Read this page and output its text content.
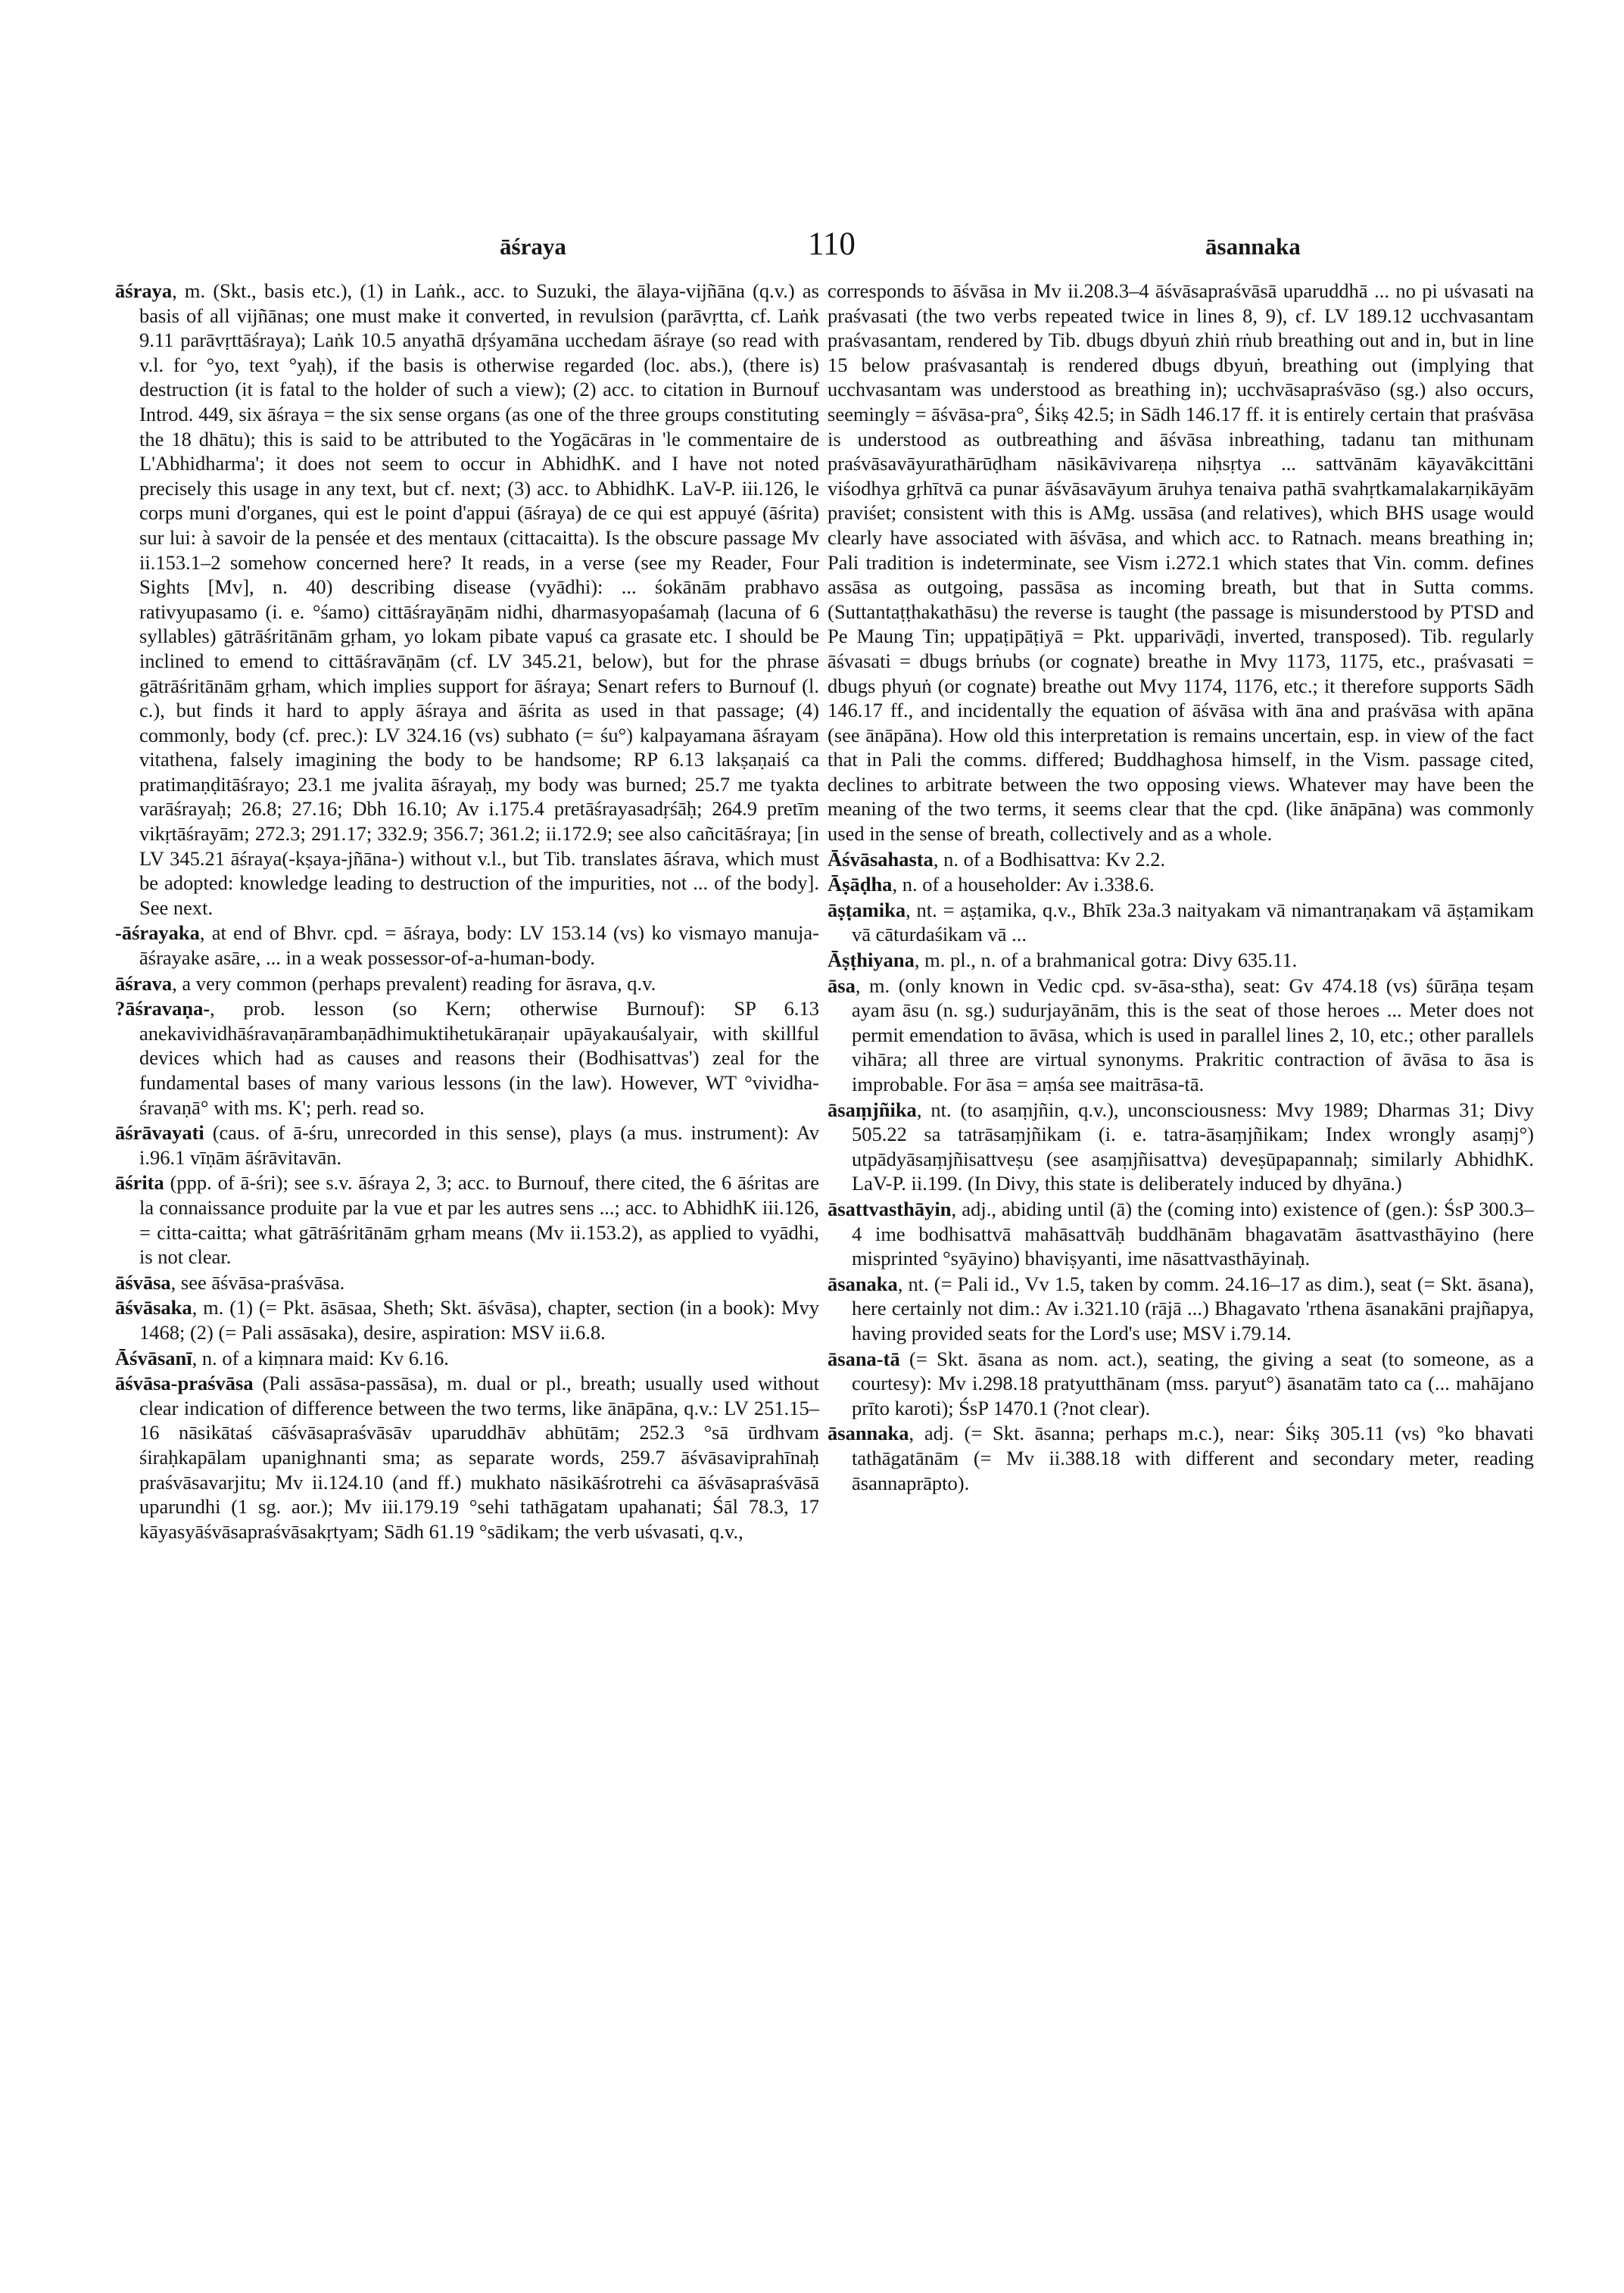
āśraya	110	āsannaka

āśraya, m. (Skt., basis etc.), (1) in Laṅk., acc. to Suzuki, the ālaya-vijñāna (q.v.) as basis of all vijñānas; one must make it converted, in revulsion (parāvṛtta, cf. Laṅk 9.11 parāvṛttāśraya); Laṅk 10.5 anyathā dṛśyamāna ucchedam āśraye (so read with v.l. for °yo, text °yaḥ), if the basis is otherwise regarded (loc. abs.), (there is) destruction (it is fatal to the holder of such a view); (2) acc. to citation in Burnouf Introd. 449, six āśraya = the six sense organs (as one of the three groups constituting the 18 dhātu); this is said to be attributed to the Yogācāras in 'le commentaire de L'Abhidharma'; it does not seem to occur in AbhidhK. and I have not noted precisely this usage in any text, but cf. next; (3) acc. to AbhidhK. LaV-P. iii.126, le corps muni d'organes, qui est le point d'appui (āśraya) de ce qui est appuyé (āśrita) sur lui: à savoir de la pensée et des mentaux (cittacaitta). Is the obscure passage Mv ii.153.1–2 somehow concerned here? It reads, in a verse (see my Reader, Four Sights [Mv], n. 40) describing disease (vyādhi): ... śokānām prabhavo rativyupasamo (i. e. °śamo) cittāśrayāṇām nidhi, dharmasyopaśamaḥ (lacuna of 6 syllables) gātrāśritānām gṛham, yo lokam pibate vapuś ca grasate etc. I should be inclined to emend to cittāśravāṇām (cf. LV 345.21, below), but for the phrase gātrāśritānām gṛham, which implies support for āśraya; Senart refers to Burnouf (l. c.), but finds it hard to apply āśraya and āśrita as used in that passage; (4) commonly, body (cf. prec.): LV 324.16 (vs) subhato (= śu°) kalpayamana āśrayam vitathena, falsely imagining the body to be handsome; RP 6.13 lakṣaṇaiś ca pratimaṇḍitāśrayo; 23.1 me jvalita āśrayaḥ, my body was burned; 25.7 me tyakta varāśrayaḥ; 26.8; 27.16; Dbh 16.10; Av i.175.4 pretāśrayasadṛśāḥ; 264.9 pretīm vikṛtāśrayām; 272.3; 291.17; 332.9; 356.7; 361.2; ii.172.9; see also cañcitāśraya; [in LV 345.21 āśraya(-kṣaya-jñāna-) without v.l., but Tib. translates āśrava, which must be adopted: knowledge leading to destruction of the impurities, not ... of the body]. See next.

-āśrayaka, at end of Bhvr. cpd. = āśraya, body: LV 153.14 (vs) ko vismayo manuja-āśrayake asāre, ... in a weak possessor-of-a-human-body.

āśrava, a very common (perhaps prevalent) reading for āsrava, q.v.

?āśravaṇa-, prob. lesson (so Kern; otherwise Burnouf): SP 6.13 anekavividhāśravaṇārambaṇādhimuktihetukāraṇair upāyakauśalyair, with skillful devices which had as causes and reasons their (Bodhisattvas') zeal for the fundamental bases of many various lessons (in the law). However, WT °vividha-śravaṇā° with ms. K'; perh. read so.

āśrāvayati (caus. of ā-śru, unrecorded in this sense), plays (a mus. instrument): Av i.96.1 vīṇām āśrāvitavān.

āśrita (ppp. of ā-śri); see s.v. āśraya 2, 3; acc. to Burnouf, there cited, the 6 āśritas are la connaissance produite par la vue et par les autres sens ...; acc. to AbhidhK iii.126, = citta-caitta; what gātrāśritānām gṛham means (Mv ii.153.2), as applied to vyādhi, is not clear.

āśvāsa, see āśvāsa-praśvāsa.

āśvāsaka, m. (1) (= Pkt. āsāsaa, Sheth; Skt. āśvāsa), chapter, section (in a book): Mvy 1468; (2) (= Pali assāsaka), desire, aspiration: MSV ii.6.8.

Āśvāsanī, n. of a kiṃnara maid: Kv 6.16.

āśvāsa-praśvāsa (Pali assāsa-passāsa), m. dual or pl., breath; usually used without clear indication of difference between the two terms, like ānāpāna, q.v.: LV 251.15–16 nāsikātaś cāśvāsapraśvāsāv uparuddhāv abhūtām; 252.3 °sā ūrdhvam śiraḥkapālam upanighnanti sma; as separate words, 259.7 āśvāsaviprahīnaḥ praśvāsavarjitu; Mv ii.124.10 (and ff.) mukhato nāsikāśrotrehi ca āśvāsapraśvāsā uparundhi (1 sg. aor.); Mv iii.179.19 °sehi tathāgatam upahanati; Śāl 78.3, 17 kāyasyāśvāsapraśvāsakṛtyam; Sādh 61.19 °sādikam; the verb uśvasati, q.v.,

corresponds to āśvāsa in Mv ii.208.3–4 āśvāsapraśvāsā uparuddhā ... no pi uśvasati na praśvasati (the two verbs repeated twice in lines 8, 9), cf. LV 189.12 ucchvasantam praśvasantam, rendered by Tib. dbugs dbyuṅ zhiṅ rṅub breathing out and in, but in line 15 below praśvasantaḥ is rendered dbugs dbyuṅ, breathing out (implying that ucchvasantam was understood as breathing in); ucchvāsapraśvāso (sg.) also occurs, seemingly = āśvāsa-pra°, Śikṣ 42.5; in Sādh 146.17 ff. it is entirely certain that praśvāsa is understood as outbreathing and āśvāsa inbreathing, tadanu tan mithunam praśvāsavāyurathārūḍham nāsikāvivareṇa niḥsṛtya ... sattvānām kāyavākcittāni viśodhya gṛhītvā ca punar āśvāsavāyum āruhya tenaiva pathā svahṛtkamalakarṇikāyām praviśet; consistent with this is AMg. ussāsa (and relatives), which BHS usage would clearly have associated with āśvāsa, and which acc. to Ratnach. means breathing in; Pali tradition is indeterminate, see Vism i.272.1 which states that Vin. comm. defines assāsa as outgoing, passāsa as incoming breath, but that in Sutta comms. (Suttantaṭṭhakathāsu) the reverse is taught (the passage is misunderstood by PTSD and Pe Maung Tin; uppaṭipāṭiyā = Pkt. upparivāḍi, inverted, transposed). Tib. regularly āśvasati = dbugs brṅubs (or cognate) breathe in Mvy 1173, 1175, etc., praśvasati = dbugs phyuṅ (or cognate) breathe out Mvy 1174, 1176, etc.; it therefore supports Sādh 146.17 ff., and incidentally the equation of āśvāsa with āna and praśvāsa with apāna (see ānāpāna). How old this interpretation is remains uncertain, esp. in view of the fact that in Pali the comms. differed; Buddhaghosa himself, in the Vism. passage cited, declines to arbitrate between the two opposing views. Whatever may have been the meaning of the two terms, it seems clear that the cpd. (like ānāpāna) was commonly used in the sense of breath, collectively and as a whole.

Āśvāsahasta, n. of a Bodhisattva: Kv 2.2.

Āṣāḍha, n. of a householder: Av i.338.6.

āṣṭamika, nt. = aṣṭamika, q.v., Bhīk 23a.3 naityakam vā nimantraṇakam vā āṣṭamikam vā cāturdaśikam vā ...

Āṣṭhiyana, m. pl., n. of a brahmanical gotra: Divy 635.11.

āsa, m. (only known in Vedic cpd. sv-āsa-stha), seat: Gv 474.18 (vs) śūrāṇa teṣam ayam āsu (n. sg.) sudurjayānām, this is the seat of those heroes ... Meter does not permit emendation to āvāsa, which is used in parallel lines 2, 10, etc.; other parallels vihāra; all three are virtual synonyms. Prakritic contraction of āvāsa to āsa is improbable. For āsa = aṃśa see maitrāsa-tā.

āsaṃjñika, nt. (to asaṃjñin, q.v.), unconsciousness: Mvy 1989; Dharmas 31; Divy 505.22 sa tatrāsaṃjñikam (i. e. tatra-āsaṃjñikam; Index wrongly asaṃj°) utpādyāsaṃjñisattveṣu (see asaṃjñisattva) deveṣūpapannaḥ; similarly AbhidhK. LaV-P. ii.199. (In Divy, this state is deliberately induced by dhyāna.)

āsattvasthāyin, adj., abiding until (ā) the (coming into) existence of (gen.): ŚsP 300.3–4 ime bodhisattvā mahāsattvāḥ buddhānām bhagavatām āsattvasthāyino (here misprinted °syāyino) bhaviṣyanti, ime nāsattvasthāyinaḥ.

āsanaka, nt. (= Pali id., Vv 1.5, taken by comm. 24.16–17 as dim.), seat (= Skt. āsana), here certainly not dim.: Av i.321.10 (rājā ...) Bhagavato 'rthena āsanakāni prajñapya, having provided seats for the Lord's use; MSV i.79.14.

āsana-tā (= Skt. āsana as nom. act.), seating, the giving a seat (to someone, as a courtesy): Mv i.298.18 pratyutthānam (mss. paryut°) āsanatām tato ca (... mahājano prīto karoti); ŚsP 1470.1 (?not clear).

āsannaka, adj. (= Skt. āsanna; perhaps m.c.), near: Śikṣ 305.11 (vs) °ko bhavati tathāgatānām (= Mv ii.388.18 with different and secondary meter, reading āsannaprāpto).
